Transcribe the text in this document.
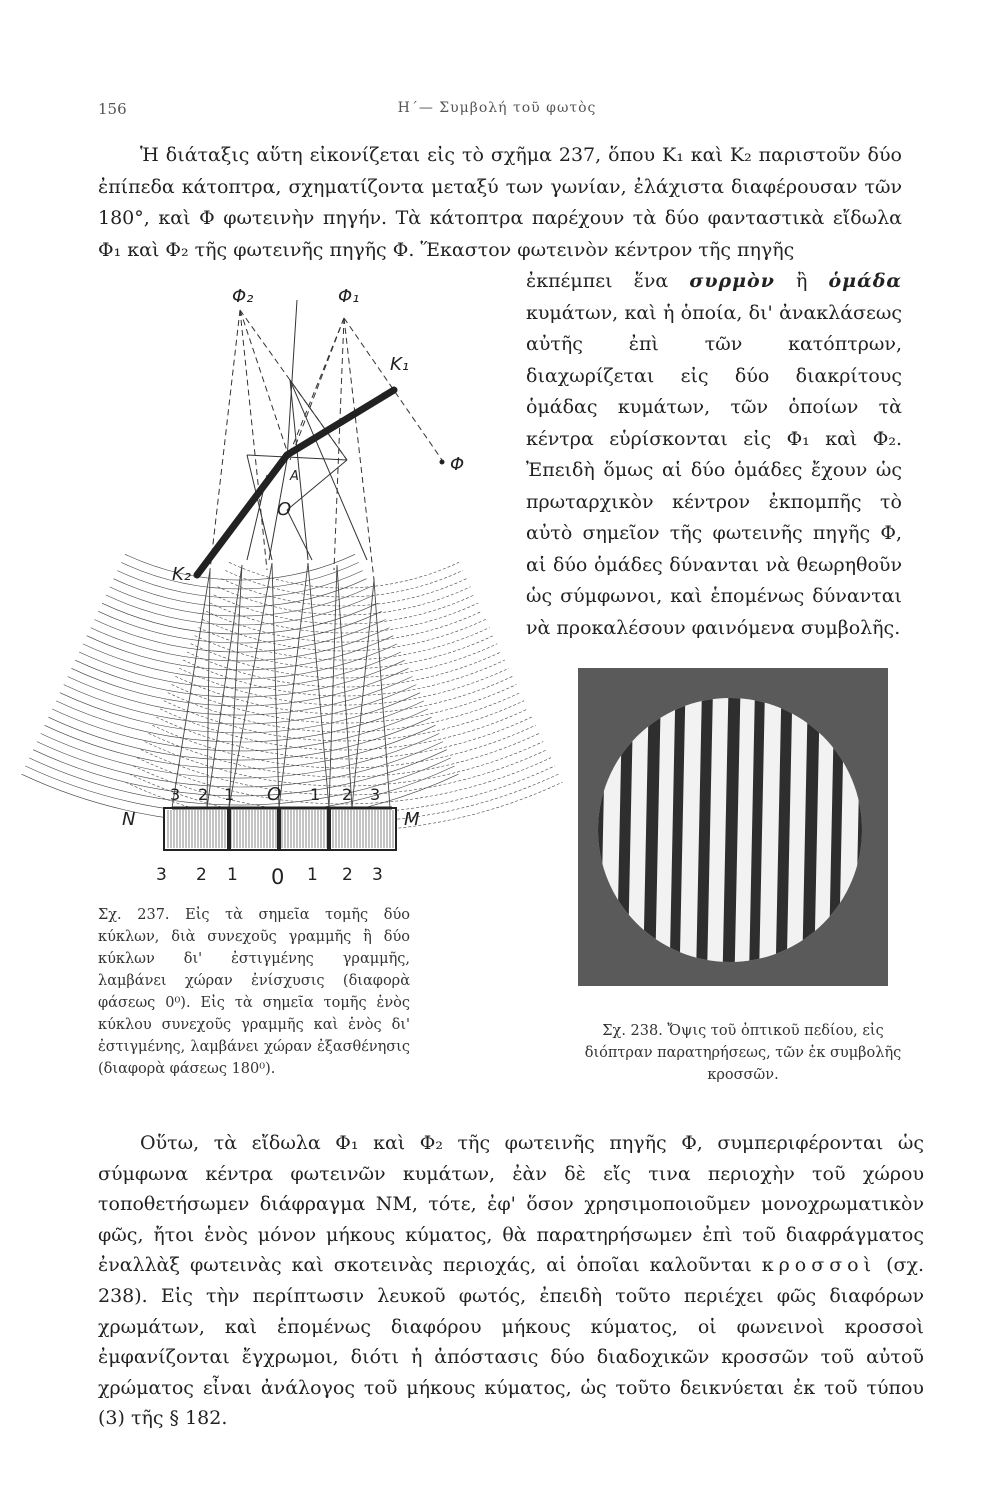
156	Η΄— Συμβολή τοῦ φωτὸς

Ἡ διάταξις αὕτη εἰκονίζεται εἰς τὸ σχῆμα 237, ὅπου Κ₁ καὶ Κ₂ παριστοῦν δύο ἐπίπεδα κάτοπτρα, σχηματίζοντα μεταξύ των γωνίαν, ἐλάχιστα διαφέρουσαν τῶν 180°, καὶ Φ φωτεινὴν πηγήν. Τὰ κάτοπτρα παρέχουν τὰ δύο φανταστικὰ εἴδωλα Φ₁ καὶ Φ₂ τῆς φωτεινῆς πηγῆς Φ. Ἕκαστον φωτεινὸν κέντρον τῆς πηγῆς

ἐκπέμπει ἕνα συρμὸν ἢ ὁμάδα κυμάτων, καὶ ἡ ὁποία, δι' ἀνακλάσεως αὐτῆς ἐπὶ τῶν κατόπτρων, διαχωρίζεται εἰς δύο διακρίτους ὁμάδας κυμάτων, τῶν ὁποίων τὰ κέντρα εὑρίσκονται εἰς Φ₁ καὶ Φ₂. Ἐπειδὴ ὅμως αἱ δύο ὁμάδες ἔχουν ὡς πρωταρχικὸν κέντρον ἐκπομπῆς τὸ αὐτὸ σημεῖον τῆς φωτεινῆς πηγῆς Φ, αἱ δύο ὁμάδες δύνανται νὰ θεωρηθοῦν ὡς σύμφωνοι, καὶ ἑπομένως δύνανται νὰ προκαλέσουν φαινόμενα συμβολῆς.

Φ₂	Φ₁
K₁
Φ
A
O
K₂
N	M
O
3 2 1	1 2 3
3 2 1 0 1 2 3

Σχ. 237. Εἰς τὰ σημεῖα τομῆς δύο κύκλων, διὰ συνεχοῦς γραμμῆς ἢ δύο κύκλων δι' ἐστιγμένης γραμμῆς, λαμβάνει χώραν ἐνίσχυσις (διαφορὰ φάσεως 0⁰). Εἰς τὰ σημεῖα τομῆς ἑνὸς κύκλου συνεχοῦς γραμμῆς καὶ ἑνὸς δι' ἐστιγμένης, λαμβάνει χώραν ἐξασθένησις (διαφορὰ φάσεως 180⁰).

Σχ. 238. Ὄψις τοῦ ὀπτικοῦ πεδίου, εἰς διόπτραν παρατηρήσεως, τῶν ἐκ συμβολῆς κροσσῶν.

Οὕτω, τὰ εἴδωλα Φ₁ καὶ Φ₂ τῆς φωτεινῆς πηγῆς Φ, συμπεριφέρονται ὡς σύμφωνα κέντρα φωτεινῶν κυμάτων, ἐὰν δὲ εἴς τινα περιοχὴν τοῦ χώρου τοποθετήσωμεν διάφραγμα ΝΜ, τότε, ἐφ' ὅσον χρησιμοποιοῦμεν μονοχρωματικὸν φῶς, ἤτοι ἑνὸς μόνον μήκους κύματος, θὰ παρατηρήσωμεν ἐπὶ τοῦ διαφράγματος ἐναλλὰξ φωτεινὰς καὶ σκοτεινὰς περιοχάς, αἱ ὁποῖαι καλοῦνται κροσσοὶ (σχ. 238). Εἰς τὴν περίπτωσιν λευκοῦ φωτός, ἐπειδὴ τοῦτο περιέχει φῶς διαφόρων χρωμάτων, καὶ ἑπομένως διαφόρου μήκους κύματος, οἱ φωνεινοὶ κροσσοὶ ἐμφανίζονται ἔγχρωμοι, διότι ἡ ἀπόστασις δύο διαδοχικῶν κροσσῶν τοῦ αὐτοῦ χρώματος εἶναι ἀνάλογος τοῦ μήκους κύματος, ὡς τοῦτο δεικνύεται ἐκ τοῦ τύπου (3) τῆς § 182.
